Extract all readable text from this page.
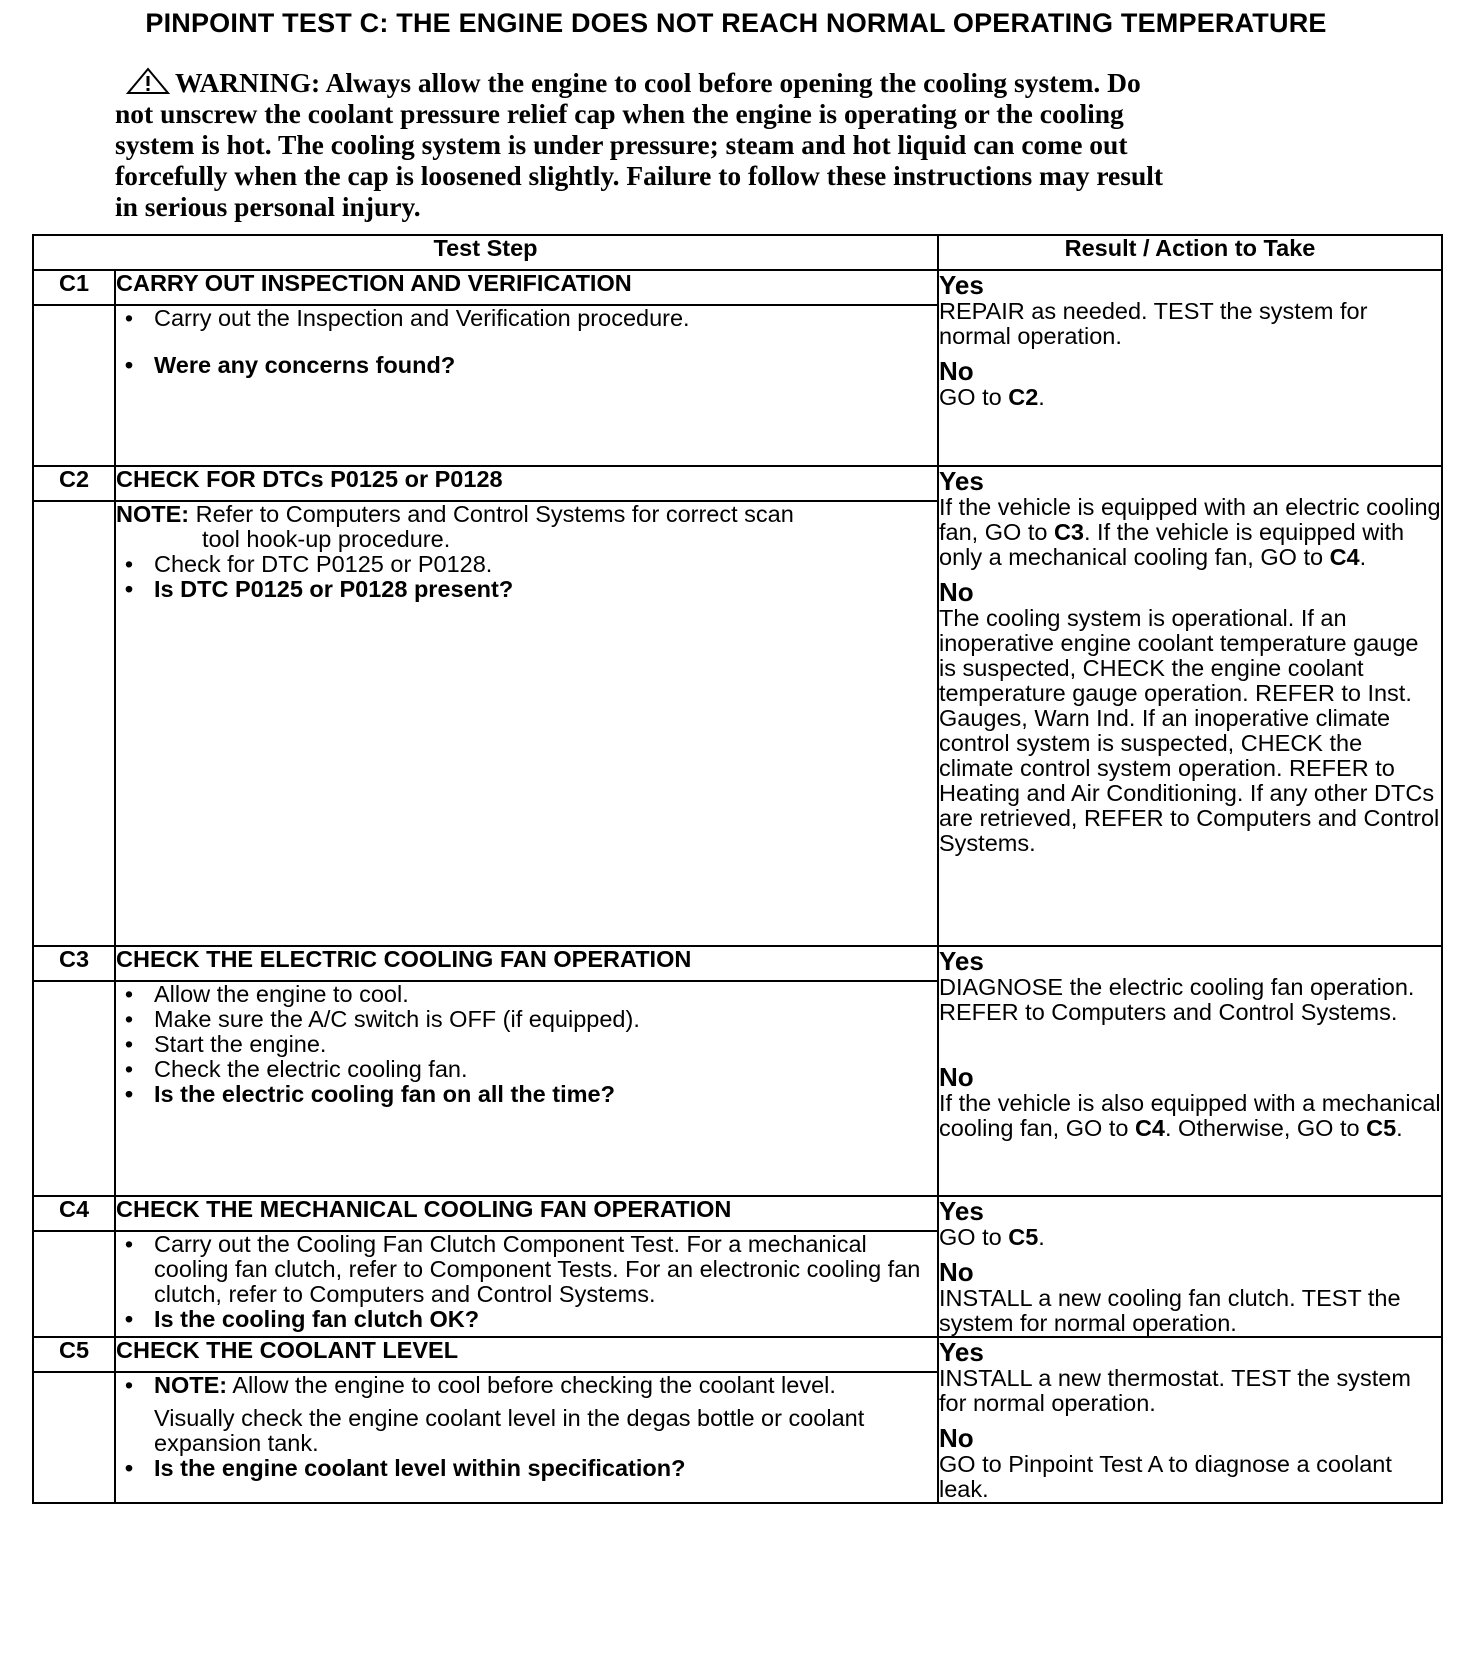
PINPOINT TEST C: THE ENGINE DOES NOT REACH NORMAL OPERATING TEMPERATURE
WARNING: Always allow the engine to cool before opening the cooling system. Do
not unscrew the coolant pressure relief cap when the engine is operating or the cooling
system is hot. The cooling system is under pressure; steam and hot liquid can come out
forcefully when the cap is loosened slightly. Failure to follow these instructions may result
in serious personal injury.
Test Step		Result / Action to Take
C1	CARRY OUT INSPECTION AND VERIFICATION	Yes
REPAIR as needed. TEST the system for normal operation.
No
GO to C2.

	• Carry out the Inspection and Verification procedure.
• Were any concerns found?

C2	CHECK FOR DTCs P0125 or P0128	Yes
If the vehicle is equipped with an electric cooling fan, GO to C3. If the vehicle is equipped with only a mechanical cooling fan, GO to C4.
No
The cooling system is operational. If an inoperative engine coolant temperature gauge is suspected, CHECK the engine coolant temperature gauge operation. REFER to Inst. Gauges, Warn Ind. If an inoperative climate control system is suspected, CHECK the climate control system operation. REFER to Heating and Air Conditioning. If any other DTCs are retrieved, REFER to Computers and Control Systems.

	NOTE: Refer to Computers and Control Systems for correct scan
tool hook-up procedure.
• Check for DTC P0125 or P0128.
• Is DTC P0125 or P0128 present?

C3	CHECK THE ELECTRIC COOLING FAN OPERATION	Yes
DIAGNOSE the electric cooling fan operation. REFER to Computers and Control Systems.
No
If the vehicle is also equipped with a mechanical cooling fan, GO to C4. Otherwise, GO to C5.

	• Allow the engine to cool.
• Make sure the A/C switch is OFF (if equipped).
• Start the engine.
• Check the electric cooling fan.
• Is the electric cooling fan on all the time?

C4	CHECK THE MECHANICAL COOLING FAN OPERATION	Yes
GO to C5.
No
INSTALL a new cooling fan clutch. TEST the system for normal operation.

	• Carry out the Cooling Fan Clutch Component Test. For a mechanical cooling fan clutch, refer to Component Tests. For an electronic cooling fan clutch, refer to Computers and Control Systems.
• Is the cooling fan clutch OK?

C5	CHECK THE COOLANT LEVEL	Yes
INSTALL a new thermostat. TEST the system for normal operation.
No
GO to Pinpoint Test A to diagnose a coolant leak.

	• NOTE: Allow the engine to cool before checking the coolant level.
Visually check the engine coolant level in the degas bottle or coolant expansion tank.
• Is the engine coolant level within specification?
